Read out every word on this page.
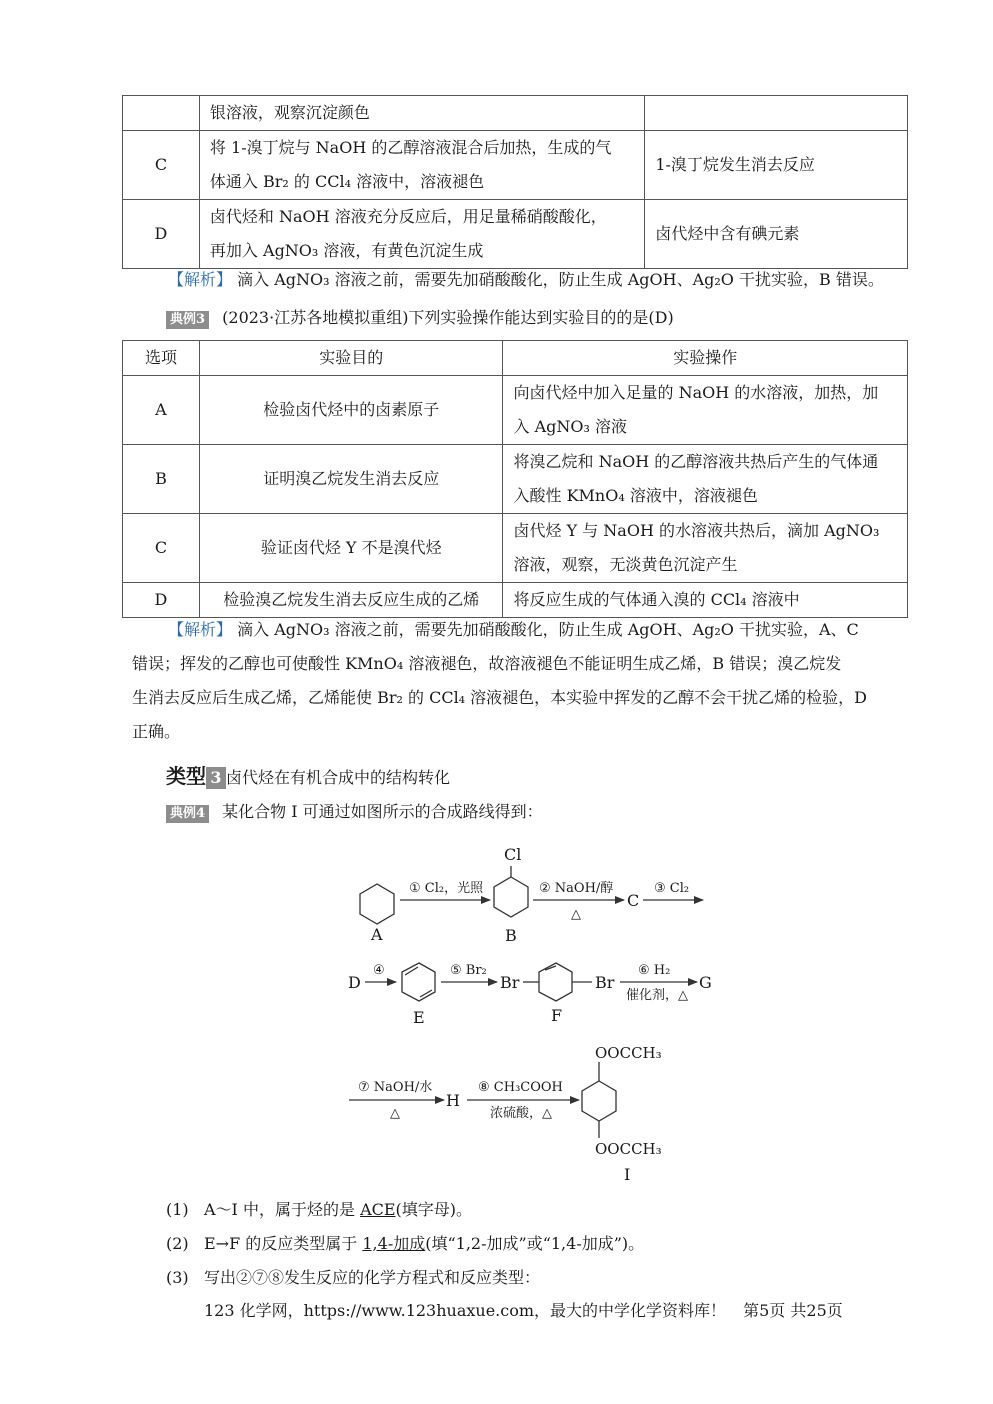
	银溶液，观察沉淀颜色	
C	将 1-溴丁烷与 NaOH 的乙醇溶液混合后加热，生成的气
体通入 Br₂ 的 CCl₄ 溶液中，溶液褪色	1-溴丁烷发生消去反应
D	卤代烃和 NaOH 溶液充分反应后，用足量稀硝酸酸化，
再加入 AgNO₃ 溶液，有黄色沉淀生成	卤代烃中含有碘元素
【解析】 滴入 AgNO₃ 溶液之前，需要先加硝酸酸化，防止生成 AgOH、Ag₂O 干扰实验，B 错误。
典例3 (2023·江苏各地模拟重组)下列实验操作能达到实验目的的是(D)
选项	实验目的	实验操作
A	检验卤代烃中的卤素原子	向卤代烃中加入足量的 NaOH 的水溶液，加热，加
入 AgNO₃ 溶液

B	证明溴乙烷发生消去反应	将溴乙烷和 NaOH 的乙醇溶液共热后产生的气体通
入酸性 KMnO₄ 溶液中，溶液褪色

C	验证卤代烃 Y 不是溴代烃	卤代烃 Y 与 NaOH 的水溶液共热后，滴加 AgNO₃
溶液，观察，无淡黄色沉淀产生

D	检验溴乙烷发生消去反应生成的乙烯	将反应生成的气体通入溴的 CCl₄ 溶液中
【解析】 滴入 AgNO₃ 溶液之前，需要先加硝酸酸化，防止生成 AgOH、Ag₂O 干扰实验，A、C
错误；挥发的乙醇也可使酸性 KMnO₄ 溶液褪色，故溶液褪色不能证明生成乙烯，B 错误；溴乙烷发
生消去反应后生成乙烯，乙烯能使 Br₂ 的 CCl₄ 溶液褪色，本实验中挥发的乙醇不会干扰乙烯的检验，D
正确。
类型 3 卤代烃在有机合成中的结构转化
典例4 某化合物 I 可通过如图所示的合成路线得到：
Cl
A	B
C
① Cl₂，光照	② NaOH/醇
△
③ Cl₂
D
④
E
⑤ Br₂
Br	Br
F
⑥ H₂
催化剂，△
G
⑦ NaOH/水
△
H
⑧ CH₃COOH
浓硫酸，△
OOCCH₃
OOCCH₃
I
(1) A～I 中，属于烃的是 ACE(填字母)。
(2) E→F 的反应类型属于 1,4-加成(填“1,2-加成”或“1,4-加成”)。
(3) 写出②⑦⑧发生反应的化学方程式和反应类型：
123 化学网，https://www.123huaxue.com，最大的中学化学资料库！ 第5页 共25页
